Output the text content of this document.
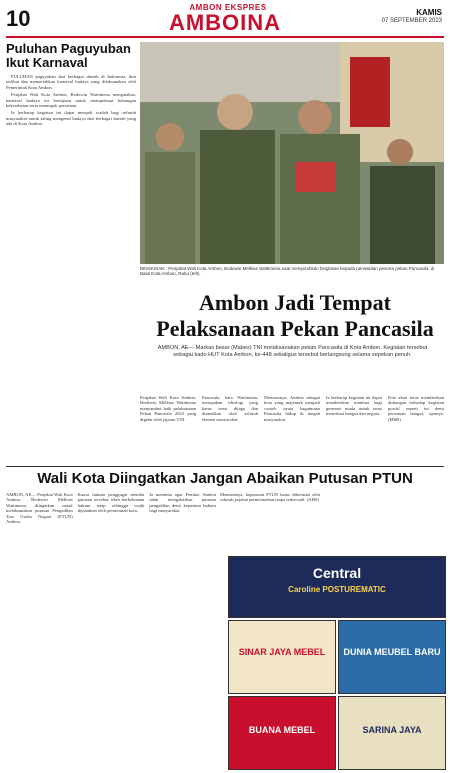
10	AMBON EKSPRES
AMBOINA	KAMIS
07 SEPTEMBER 2023
Puluhan Paguyuban Ikut Karnaval

PULUHAN paguyuban dari berbagai daerah di Indonesia, ikut terlibat dan memeriahkan karnaval budaya yang dilaksanakan oleh Pemerintah Kota Ambon.

Penjabat Wali Kota Ambon, Bodewin Wattimena mengatakan, karnaval budaya ini bertujuan untuk memperkuat hubungan kekerabatan serta memupuk persatuan.

Ia berharap kegiatan ini dapat menjadi wadah bagi seluruh masyarakat untuk saling mengenal budaya dari berbagai daerah yang ada di Kota Ambon.

BINGKISAN : Penjabat Wali Kota Ambon, Bodewin Melkias Wattimena saat menyerahkan bingkisan kepada perwakilan peserta pekan Pancasila, di Balai Kota Ambon, Rabu (6/9).
Ambon Jadi Tempat Pelaksanaan Pekan Pancasila
AMBON, AE— Markas besar (Mabes) TNI melaksanakan pekan Pancasila di Kota Ambon. Kegiatan tersebut sebagai kado HUT Kota Ambon, ke-448 sekaligus tersebut berlangsung selama sepekan penuh.
Penjabat Wali Kota Ambon, Bodewin Melkias Wattimena menyambut baik pelaksanaan Pekan Pancasila 2023 yang digelar oleh jajaran TNI.
Pancasila, kata Wattimena, merupakan ideologi yang harus terus dijaga dan diamalkan oleh seluruh elemen masyarakat.
Menurutnya, Ambon sebagai kota yang majemuk menjadi contoh nyata bagaimana Pancasila hidup di tengah masyarakat.
Ia berharap kegiatan ini dapat memberikan manfaat bagi generasi muda untuk terus mencintai bangsa dan negara.
Kita akan terus memberikan dukungan terhadap kegiatan positif seperti ini demi persatuan bangsa, ujarnya. (MSR)
Wali Kota Diingatkan Jangan Abaikan Putusan PTUN
AMBON, AE— Penjabat Wali Kota Ambon, Bodewin Melkias Wattimena, diingatkan untuk melaksanakan putusan Pengadilan Tata Usaha Negara (PTUN) Ambon.
Kuasa hukum penggugat menilai putusan tersebut telah berkekuatan hukum tetap sehingga wajib dijalankan oleh pemerintah kota.
Ia meminta agar Pemkot Ambon tidak mengabaikan putusan pengadilan demi kepastian hukum bagi masyarakat.
Menurutnya, keputusan PTUN harus dihormati oleh seluruh pejabat pemerintahan tanpa terkecuali. (AHS)
Central
Caroline POSTUREMATIC
SINAR JAYA MEBEL	DUNIA MEUBEL BARU
BUANA MEBEL	SARINA JAYA
